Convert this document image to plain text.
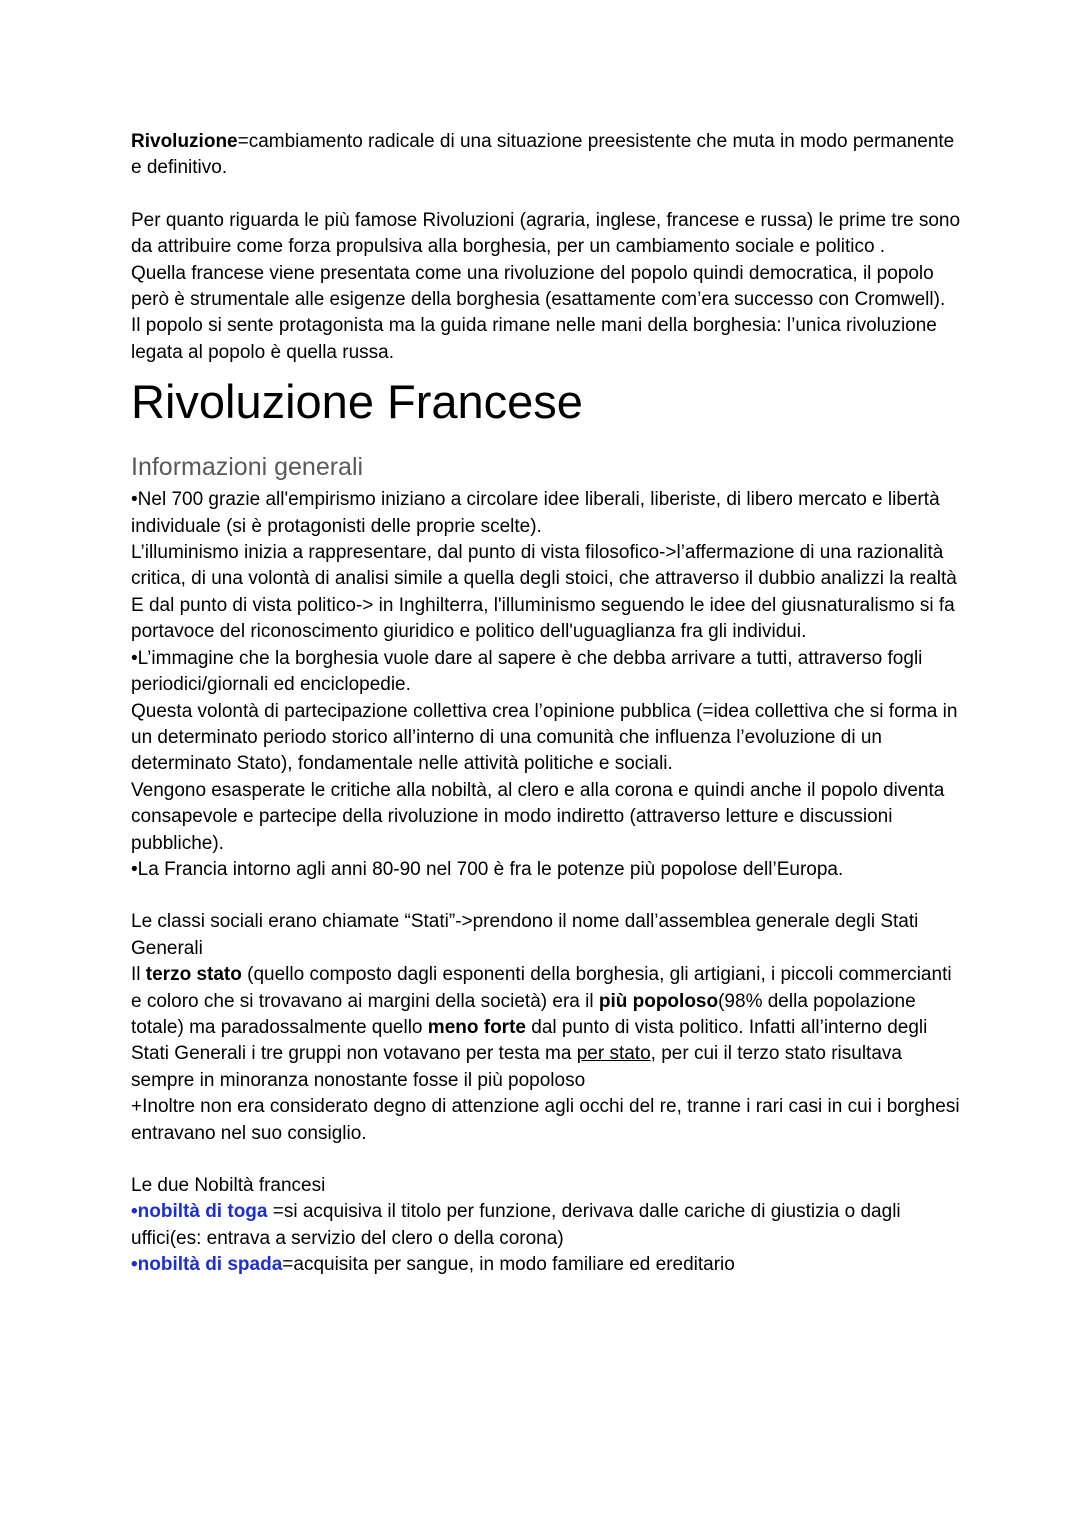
Rivoluzione=cambiamento radicale di una situazione preesistente che muta in modo permanente e definitivo.

Per quanto riguarda le più famose Rivoluzioni (agraria, inglese, francese e russa) le prime tre sono da attribuire come forza propulsiva alla borghesia, per un cambiamento sociale e politico .

Quella francese viene presentata come una rivoluzione del popolo quindi democratica, il popolo però è strumentale alle esigenze della borghesia (esattamente com’era successo con Cromwell).

Il popolo si sente protagonista ma la guida rimane nelle mani della borghesia: l’unica rivoluzione legata al popolo è quella russa.

Rivoluzione Francese
Informazioni generali

•Nel 700 grazie all'empirismo iniziano a circolare idee liberali, liberiste, di libero mercato e libertà individuale (si è protagonisti delle proprie scelte).

L’illuminismo inizia a rappresentare, dal punto di vista filosofico->l’affermazione di una razionalità critica, di una volontà di analisi simile a quella degli stoici, che attraverso il dubbio analizzi la realtà

E dal punto di vista politico-> in Inghilterra, l'illuminismo seguendo le idee del giusnaturalismo si fa portavoce del riconoscimento giuridico e politico dell'uguaglianza fra gli individui.

•L’immagine che la borghesia vuole dare al sapere è che debba arrivare a tutti, attraverso fogli periodici/giornali ed enciclopedie.

Questa volontà di partecipazione collettiva crea l’opinione pubblica (=idea collettiva che si forma in un determinato periodo storico all’interno di una comunità che influenza l’evoluzione di un determinato Stato), fondamentale nelle attività politiche e sociali.

Vengono esasperate le critiche alla nobiltà, al clero e alla corona e quindi anche il popolo diventa consapevole e partecipe della rivoluzione in modo indiretto (attraverso letture e discussioni pubbliche).

•La Francia intorno agli anni 80-90 nel 700 è fra le potenze più popolose dell’Europa.

Le classi sociali erano chiamate “Stati”->prendono il nome dall’assemblea generale degli Stati Generali

Il terzo stato (quello composto dagli esponenti della borghesia, gli artigiani, i piccoli commercianti e coloro che si trovavano ai margini della società) era il più popoloso(98% della popolazione totale) ma paradossalmente quello meno forte dal punto di vista politico. Infatti all’interno degli Stati Generali i tre gruppi non votavano per testa ma per stato, per cui il terzo stato risultava sempre in minoranza nonostante fosse il più popoloso

+Inoltre non era considerato degno di attenzione agli occhi del re, tranne i rari casi in cui i borghesi entravano nel suo consiglio.

Le due Nobiltà francesi

•nobiltà di toga =si acquisiva il titolo per funzione, derivava dalle cariche di giustizia o dagli uffici(es: entrava a servizio del clero o della corona)

•nobiltà di spada=acquisita per sangue, in modo familiare ed ereditario
